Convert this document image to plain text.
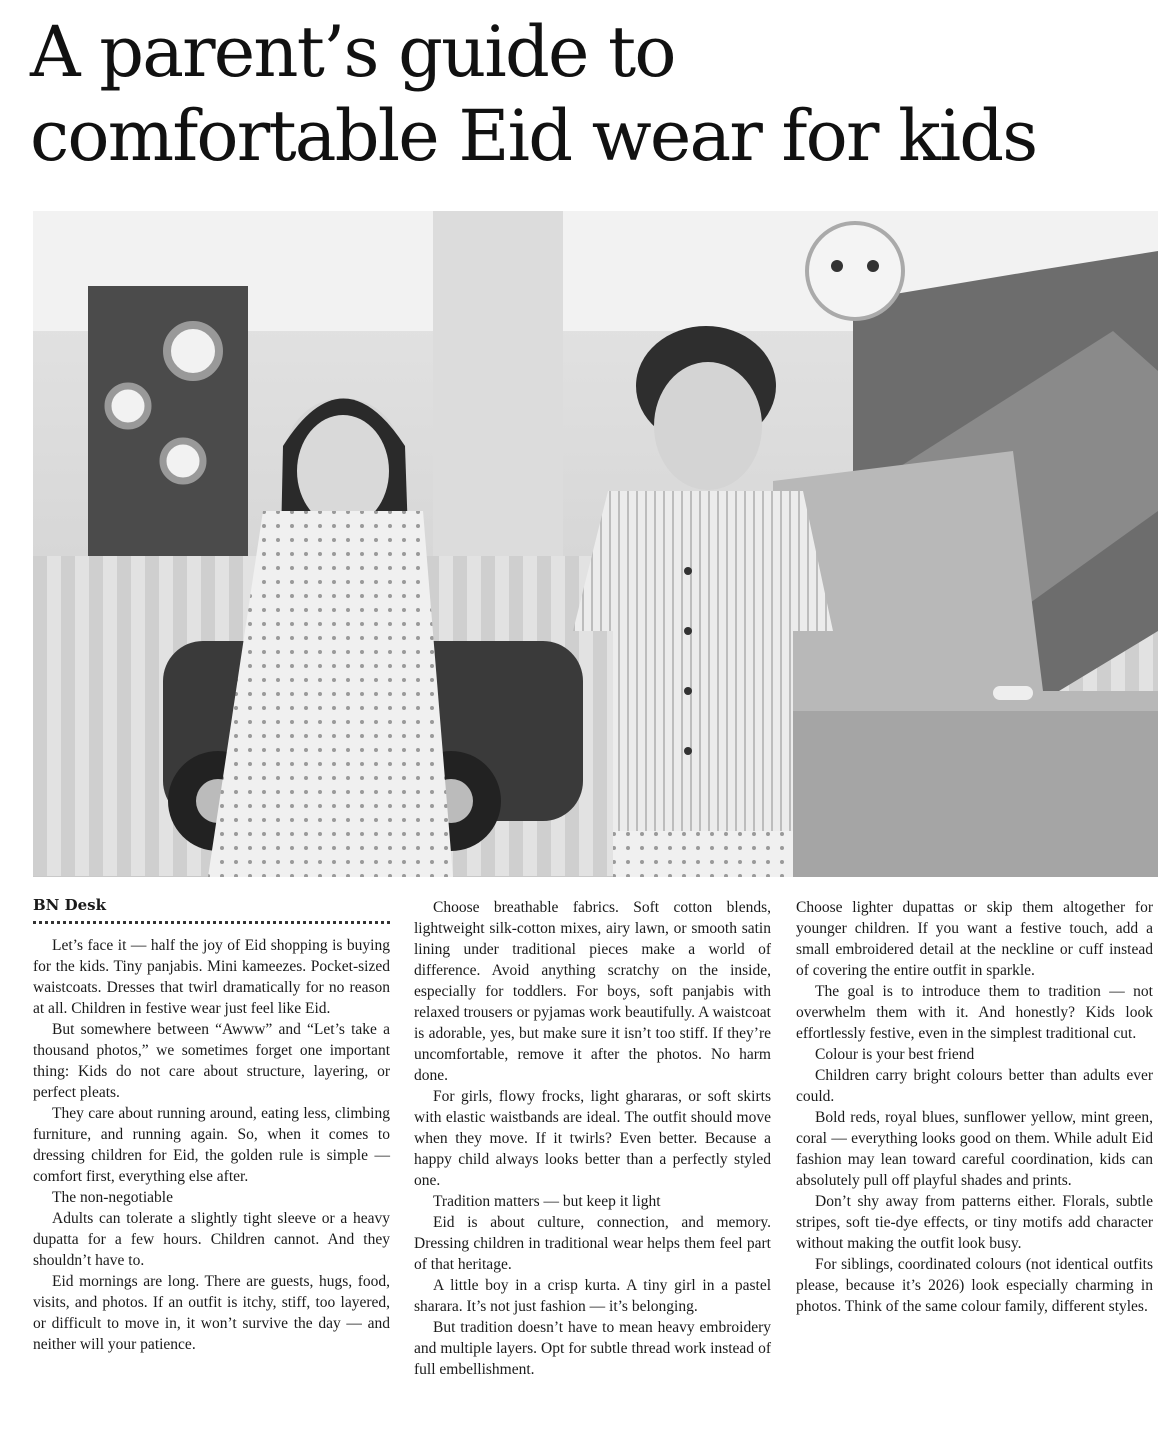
A parent’s guide to
comfortable Eid wear for kids
BN Desk

Let’s face it — half the joy of Eid shopping is buying for the kids. Tiny panjabis. Mini kameezes. Pocket-sized waistcoats. Dresses that twirl dramatically for no reason at all. Children in festive wear just feel like Eid.

But somewhere between “Awww” and “Let’s take a thousand photos,” we sometimes forget one important thing: Kids do not care about structure, layering, or perfect pleats.

They care about running around, eating less, climbing furniture, and running again. So, when it comes to dressing children for Eid, the golden rule is simple — comfort first, everything else after.

The non-negotiable

Adults can tolerate a slightly tight sleeve or a heavy dupatta for a few hours. Children cannot. And they shouldn’t have to.

Eid mornings are long. There are guests, hugs, food, visits, and photos. If an outfit is itchy, stiff, too layered, or difficult to move in, it won’t survive the day — and neither will your patience.

Choose breathable fabrics. Soft cotton blends, lightweight silk-cotton mixes, airy lawn, or smooth satin lining under traditional pieces make a world of difference. Avoid anything scratchy on the inside, especially for toddlers. For boys, soft panjabis with relaxed trousers or pyjamas work beautifully. A waistcoat is adorable, yes, but make sure it isn’t too stiff. If they’re uncomfortable, remove it after the photos. No harm done.

For girls, flowy frocks, light ghararas, or soft skirts with elastic waistbands are ideal. The outfit should move when they move. If it twirls? Even better. Because a happy child always looks better than a perfectly styled one.

Tradition matters — but keep it light

Eid is about culture, connection, and memory. Dressing children in traditional wear helps them feel part of that heritage.

A little boy in a crisp kurta. A tiny girl in a pastel sharara. It’s not just fashion — it’s belonging.

But tradition doesn’t have to mean heavy embroidery and multiple layers. Opt for subtle thread work instead of full embellishment.

Choose lighter dupattas or skip them altogether for younger children. If you want a festive touch, add a small embroidered detail at the neckline or cuff instead of covering the entire outfit in sparkle.

The goal is to introduce them to tradition — not overwhelm them with it. And honestly? Kids look effortlessly festive, even in the simplest traditional cut.

Colour is your best friend

Children carry bright colours better than adults ever could.

Bold reds, royal blues, sunflower yellow, mint green, coral — everything looks good on them. While adult Eid fashion may lean toward careful coordination, kids can absolutely pull off playful shades and prints.

Don’t shy away from patterns either. Florals, subtle stripes, soft tie-dye effects, or tiny motifs add character without making the outfit look busy.

For siblings, coordinated colours (not identical outfits please, because it’s 2026) look especially charming in photos. Think of the same colour family, different styles.
